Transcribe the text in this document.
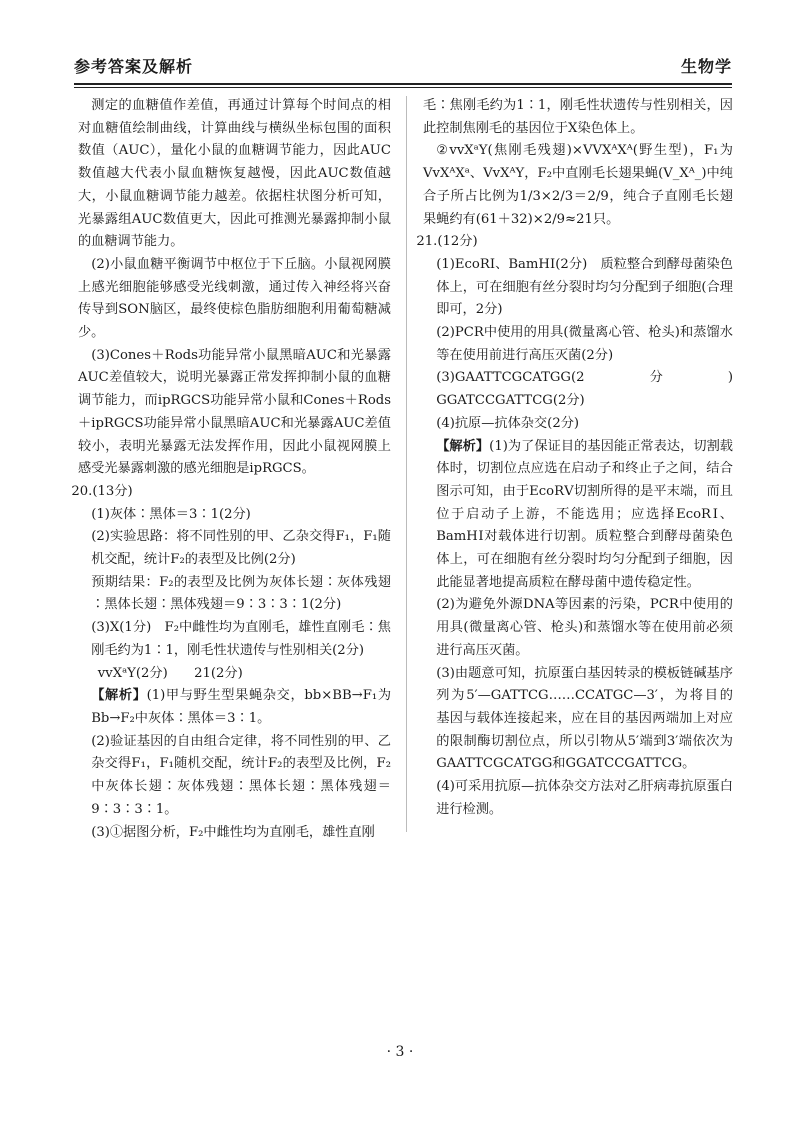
参考答案及解析	生物学

测定的血糖值作差值，再通过计算每个时间点的相对血糖值绘制曲线，计算曲线与横纵坐标包围的面积数值（AUC），量化小鼠的血糖调节能力，因此AUC数值越大代表小鼠血糖恢复越慢，因此AUC数值越大，小鼠血糖调节能力越差。依据柱状图分析可知，光暴露组AUC数值更大，因此可推测光暴露抑制小鼠的血糖调节能力。

(2)小鼠血糖平衡调节中枢位于下丘脑。小鼠视网膜上感光细胞能够感受光线刺激，通过传入神经将兴奋传导到SON脑区，最终使棕色脂肪细胞利用葡萄糖减少。

(3)Cones＋Rods功能异常小鼠黑暗AUC和光暴露AUC差值较大，说明光暴露正常发挥抑制小鼠的血糖调节能力，而ipRGCS功能异常小鼠和Cones＋Rods＋ipRGCS功能异常小鼠黑暗AUC和光暴露AUC差值较小，表明光暴露无法发挥作用，因此小鼠视网膜上感受光暴露刺激的感光细胞是ipRGCS。

20.(13分)

(1)灰体∶黑体＝3∶1(2分)

(2)实验思路：将不同性别的甲、乙杂交得F₁，F₁随机交配，统计F₂的表型及比例(2分)

预期结果：F₂的表型及比例为灰体长翅∶灰体残翅∶黑体长翅∶黑体残翅＝9∶3∶3∶1(2分)

(3)X(1分)　F₂中雌性均为直刚毛，雄性直刚毛∶焦刚毛约为1∶1，刚毛性状遗传与性别相关(2分)

vvXᵃY(2分)　　21(2分)

【解析】(1)甲与野生型果蝇杂交，bb×BB→F₁为Bb→F₂中灰体∶黑体＝3∶1。

(2)验证基因的自由组合定律，将不同性别的甲、乙杂交得F₁，F₁随机交配，统计F₂的表型及比例，F₂中灰体长翅∶灰体残翅∶黑体长翅∶黑体残翅＝9∶3∶3∶1。

(3)①据图分析，F₂中雌性均为直刚毛，雄性直刚

毛∶焦刚毛约为1∶1，刚毛性状遗传与性别相关，因此控制焦刚毛的基因位于X染色体上。

②vvXᵃY(焦刚毛残翅)×VVXᴬXᴬ(野生型)，F₁为VvXᴬXᵃ、VvXᴬY，F₂中直刚毛长翅果蝇(V_Xᴬ_)中纯合子所占比例为1/3×2/3＝2/9，纯合子直刚毛长翅果蝇约有(61＋32)×2/9≈21只。

21.(12分)

(1)EcoRⅠ、BamHⅠ(2分)　质粒整合到酵母菌染色体上，可在细胞有丝分裂时均匀分配到子细胞(合理即可，2分)

(2)PCR中使用的用具(微量离心管、枪头)和蒸馏水等在使用前进行高压灭菌(2分)

(3)GAATTCGCATGG(2分)　GGATCCGATTCG(2分)

(4)抗原—抗体杂交(2分)

【解析】(1)为了保证目的基因能正常表达，切割载体时，切割位点应选在启动子和终止子之间，结合图示可知，由于EcoRⅤ切割所得的是平末端，而且位于启动子上游，不能选用；应选择EcoRⅠ、BamHⅠ对载体进行切割。质粒整合到酵母菌染色体上，可在细胞有丝分裂时均匀分配到子细胞，因此能显著地提高质粒在酵母菌中遗传稳定性。

(2)为避免外源DNA等因素的污染，PCR中使用的用具(微量离心管、枪头)和蒸馏水等在使用前必须进行高压灭菌。

(3)由题意可知，抗原蛋白基因转录的模板链碱基序列为5′—GATTCG……CCATGC—3′，为将目的基因与载体连接起来，应在目的基因两端加上对应的限制酶切割位点，所以引物从5′端到3′端依次为GAATTCGCATGG和GGATCCGATTCG。

(4)可采用抗原—抗体杂交方法对乙肝病毒抗原蛋白进行检测。

· 3 ·
